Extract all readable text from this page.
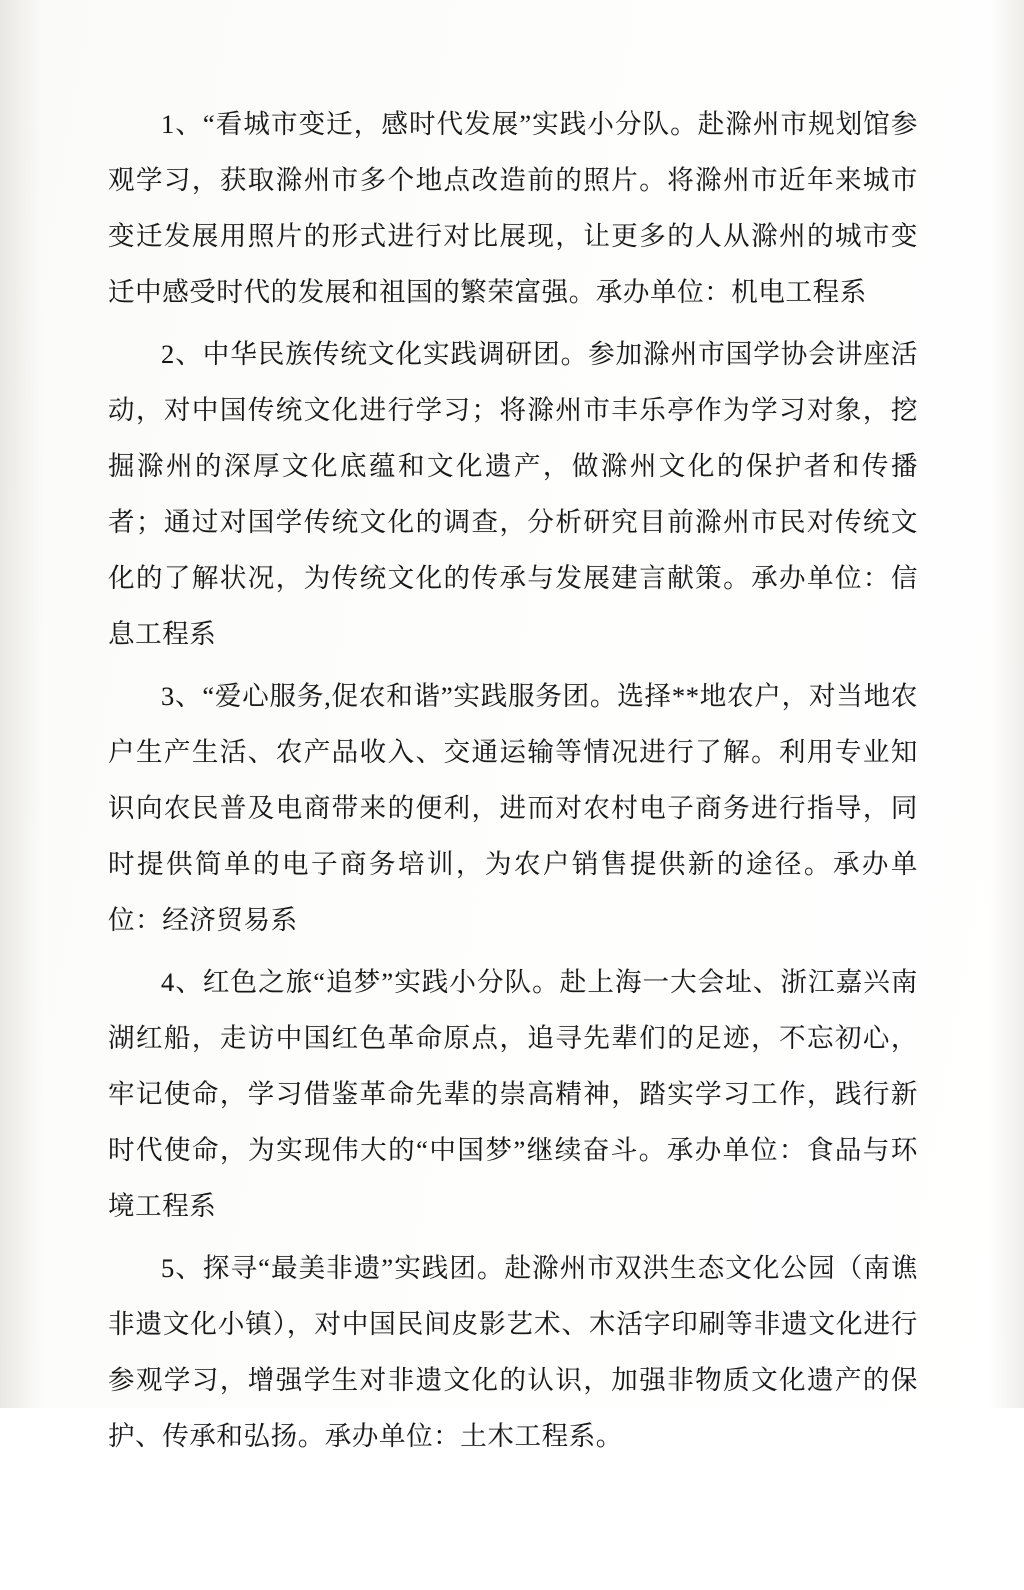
1、“看城市变迁，感时代发展”实践小分队。赴滁州市规划馆参观学习，获取滁州市多个地点改造前的照片。将滁州市近年来城市变迁发展用照片的形式进行对比展现，让更多的人从滁州的城市变迁中感受时代的发展和祖国的繁荣富强。承办单位：机电工程系

2、中华民族传统文化实践调研团。参加滁州市国学协会讲座活动，对中国传统文化进行学习；将滁州市丰乐亭作为学习对象，挖掘滁州的深厚文化底蕴和文化遗产，做滁州文化的保护者和传播者；通过对国学传统文化的调查，分析研究目前滁州市民对传统文化的了解状况，为传统文化的传承与发展建言献策。承办单位：信息工程系

3、“爱心服务,促农和谐”实践服务团。选择**地农户，对当地农户生产生活、农产品收入、交通运输等情况进行了解。利用专业知识向农民普及电商带来的便利，进而对农村电子商务进行指导，同时提供简单的电子商务培训，为农户销售提供新的途径。承办单位：经济贸易系

4、红色之旅“追梦”实践小分队。赴上海一大会址、浙江嘉兴南湖红船，走访中国红色革命原点，追寻先辈们的足迹，不忘初心，牢记使命，学习借鉴革命先辈的崇高精神，踏实学习工作，践行新时代使命，为实现伟大的“中国梦”继续奋斗。承办单位：食品与环境工程系

5、探寻“最美非遗”实践团。赴滁州市双洪生态文化公园（南谯非遗文化小镇），对中国民间皮影艺术、木活字印刷等非遗文化进行参观学习，增强学生对非遗文化的认识，加强非物质文化遗产的保护、传承和弘扬。承办单位：土木工程系。
